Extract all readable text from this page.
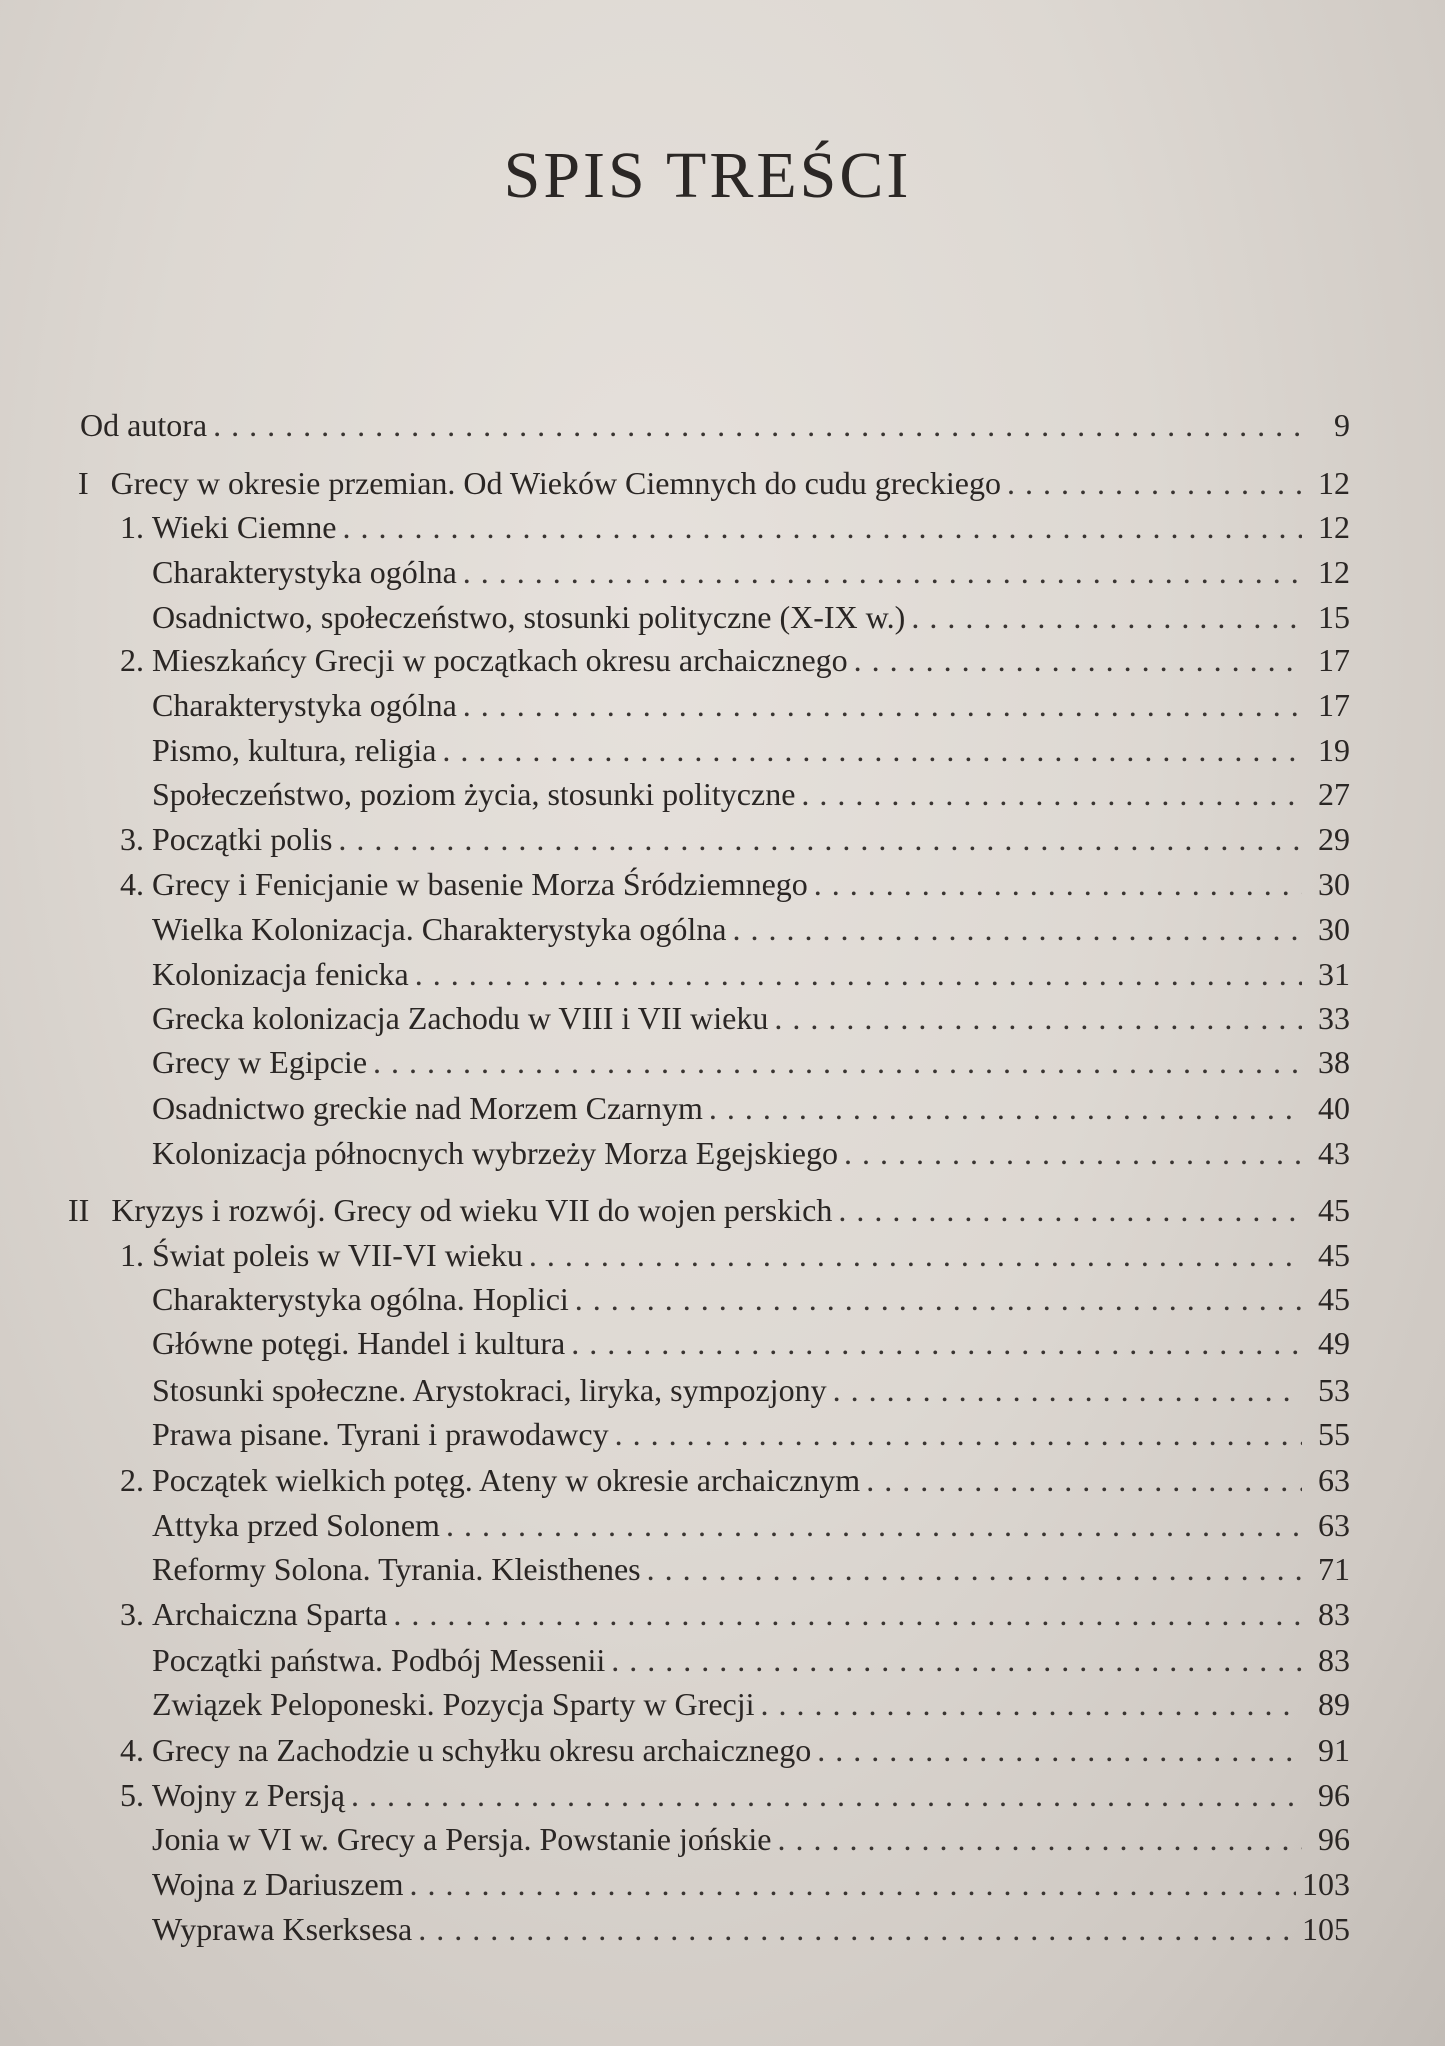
SPIS TREŚCI
Od autora . . .	9
I Grecy w okresie przemian. Od Wieków Ciemnych do cudu greckiego . . .	12
1. Wieki Ciemne . . .	12
Charakterystyka ogólna . . .	12
Osadnictwo, społeczeństwo, stosunki polityczne (X-IX w.) . . .	15
2. Mieszkańcy Grecji w początkach okresu archaicznego . . .	17
Charakterystyka ogólna . . .	17
Pismo, kultura, religia . . .	19
Społeczeństwo, poziom życia, stosunki polityczne . . .	27
3. Początki polis . . .	29
4. Grecy i Fenicjanie w basenie Morza Śródziemnego . . .	30
Wielka Kolonizacja. Charakterystyka ogólna . . .	30
Kolonizacja fenicka . . .	31
Grecka kolonizacja Zachodu w VIII i VII wieku . . .	33
Grecy w Egipcie . . .	38
Osadnictwo greckie nad Morzem Czarnym . . .	40
Kolonizacja północnych wybrzeży Morza Egejskiego . . .	43
II Kryzys i rozwój. Grecy od wieku VII do wojen perskich . . .	45
1. Świat poleis w VII-VI wieku . . .	45
Charakterystyka ogólna. Hoplici . . .	45
Główne potęgi. Handel i kultura . . .	49
Stosunki społeczne. Arystokraci, liryka, sympozjony . . .	53
Prawa pisane. Tyrani i prawodawcy . . .	55
2. Początek wielkich potęg. Ateny w okresie archaicznym . . .	63
Attyka przed Solonem . . .	63
Reformy Solona. Tyrania. Kleisthenes . . .	71
3. Archaiczna Sparta . . .	83
Początki państwa. Podbój Messenii . . .	83
Związek Peloponeski. Pozycja Sparty w Grecji . . .	89
4. Grecy na Zachodzie u schyłku okresu archaicznego . . .	91
5. Wojny z Persją . . .	96
Jonia w VI w. Grecy a Persja. Powstanie jońskie . . .	96
Wojna z Dariuszem . . .	103
Wyprawa Kserksesa . . .	105
